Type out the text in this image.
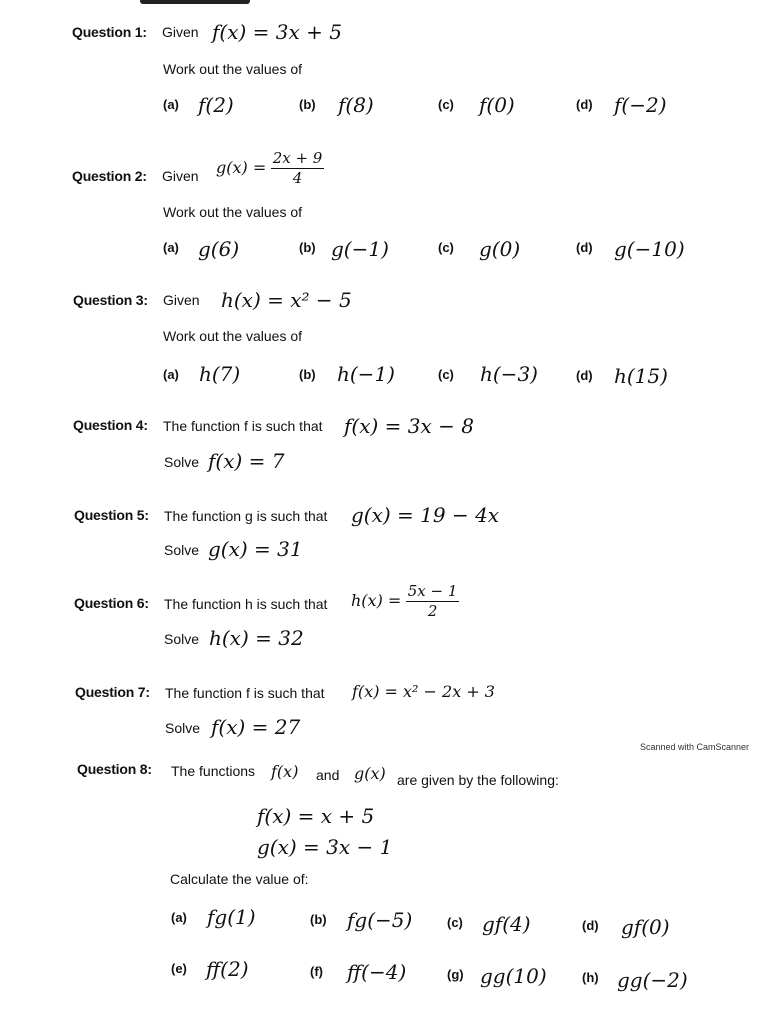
Question 1: Given f(x) = 3x + 5
Work out the values of
(a) f(2)	(b) f(8)	(c) f(0)	(d) f(−2)
Question 2: Given $g(x) = \frac{2x + 9}{4}$
Work out the values of
(a) g(6)	(b) g(−1)	(c) g(0)	(d) g(−10)
Question 3: Given h(x) = x² − 5
Work out the values of
(a) h(7)	(b) h(−1)	(c) h(−3)	(d) h(15)
Question 4: The function f is such that f(x) = 3x − 8
Solve f(x) = 7
Question 5: The function g is such that g(x) = 19 − 4x
Solve g(x) = 31
Question 6: The function h is such that $h(x) = \frac{5x - 1}{2}$
Solve h(x) = 32
Question 7: The function f is such that f(x) = x² − 2x + 3
Solve f(x) = 27
Scanned with CamScanner
Question 8: The functions f(x) and g(x) are given by the following:
f(x) = x + 5
g(x) = 3x − 1
Calculate the value of:
(a) fg(1)	(b) fg(−5)	(c) gf(4)	(d) gf(0)
(e) ff(2)	(f) ff(−4)	(g) gg(10)	(h) gg(−2)
